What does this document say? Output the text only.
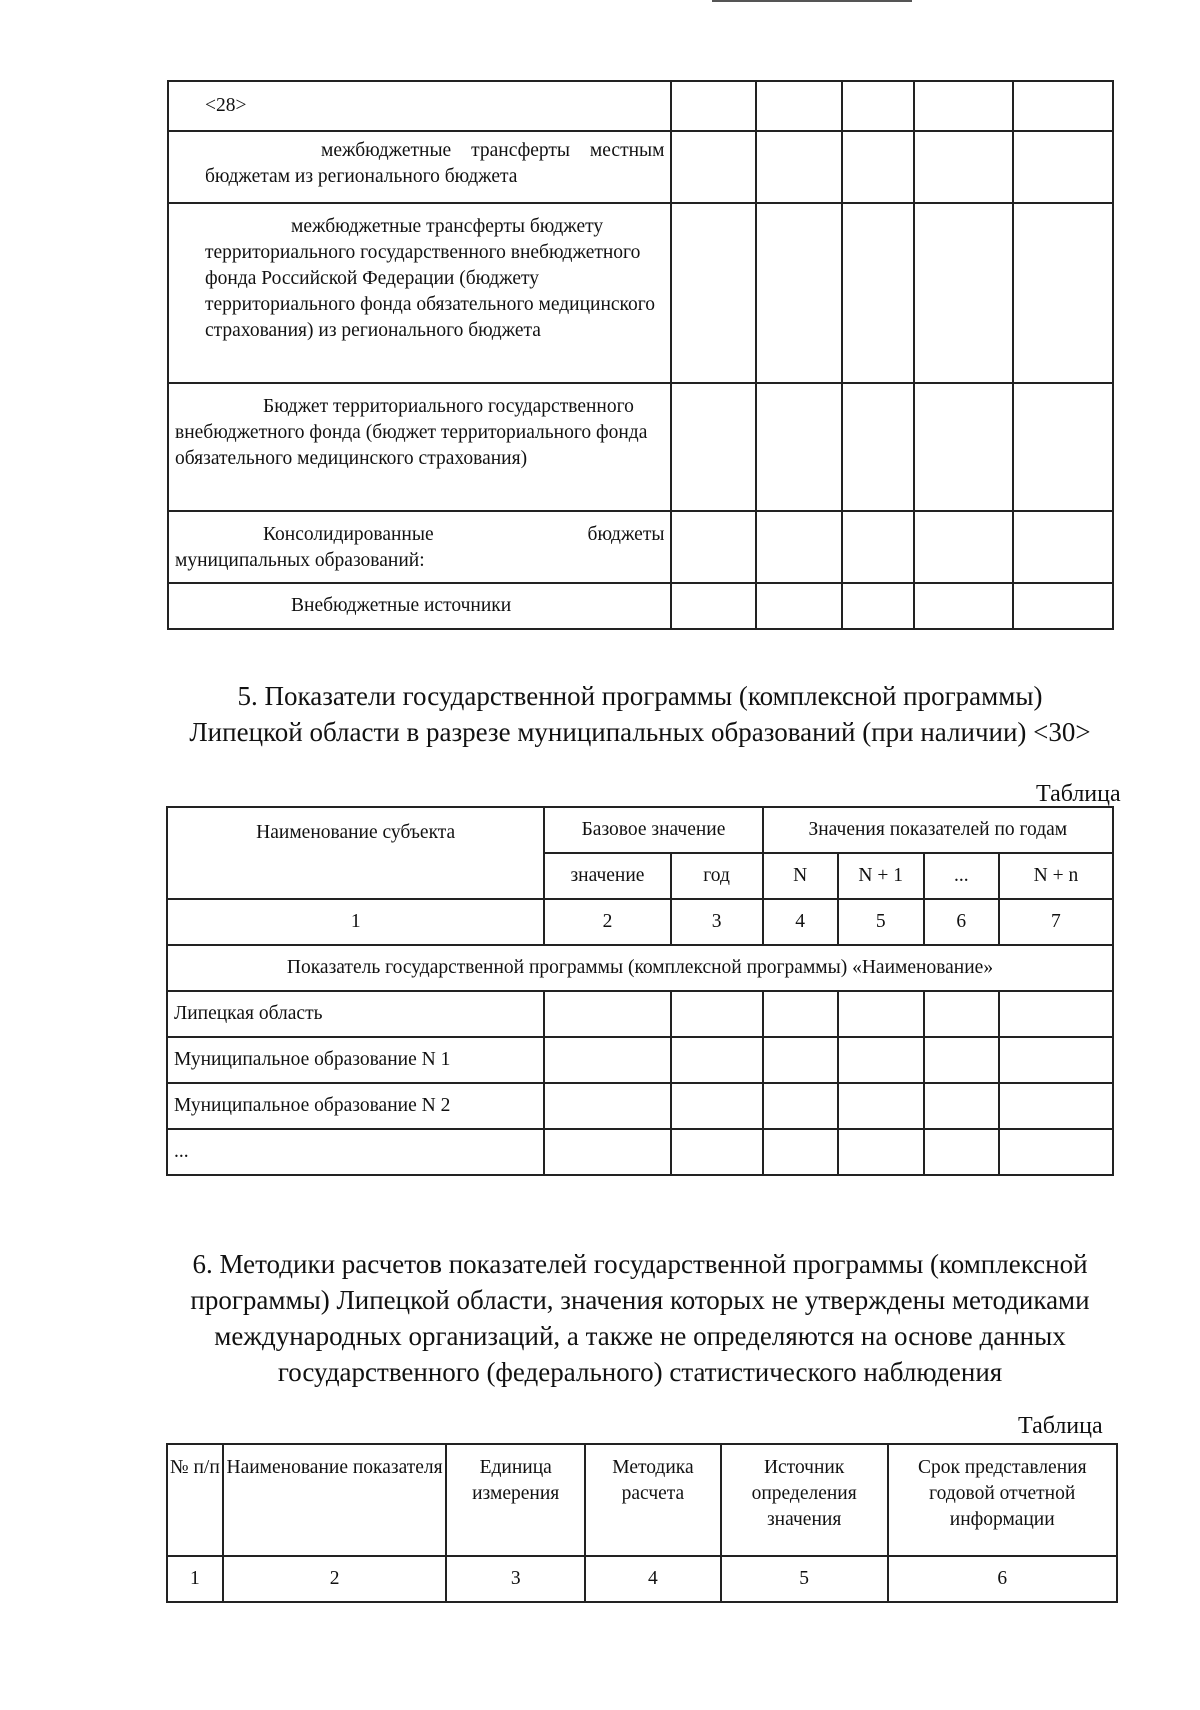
<28>					

межбюджетные трансферты местным бюджетам из регионального бюджета					

межбюджетные трансферты бюджету территориального государственного внебюджетного фонда Российской Федерации (бюджету территориального фонда обязательного медицинского страхования) из регионального бюджета					

Бюджет территориального государственного внебюджетного фонда (бюджет территориального фонда обязательного медицинского страхования)					

Консолидированные бюджеты
муниципальных образований:					

Внебюджетные источники					
5. Показатели государственной программы (комплексной программы)
Липецкой области в разрезе муниципальных образований (при наличии) <30>
Таблица
Наименование субъекта	Базовое значение		Значения показателей по годам			
	значение	год	N	N + 1	...	N + n
1	2	3	4	5	6	7
Показатель государственной программы (комплексной программы) «Наименование»						
Липецкая область						
Муниципальное образование N 1						
Муниципальное образование N 2						
...						
6. Методики расчетов показателей государственной программы (комплексной
программы) Липецкой области, значения которых не утверждены методиками
международных организаций, а также не определяются на основе данных
государственного (федерального) статистического наблюдения
Таблица
№ п/п	Наименование показателя	Единица измерения	Методика расчета	Источник определения значения	Срок представления годовой отчетной информации
1	2	3	4	5	6
